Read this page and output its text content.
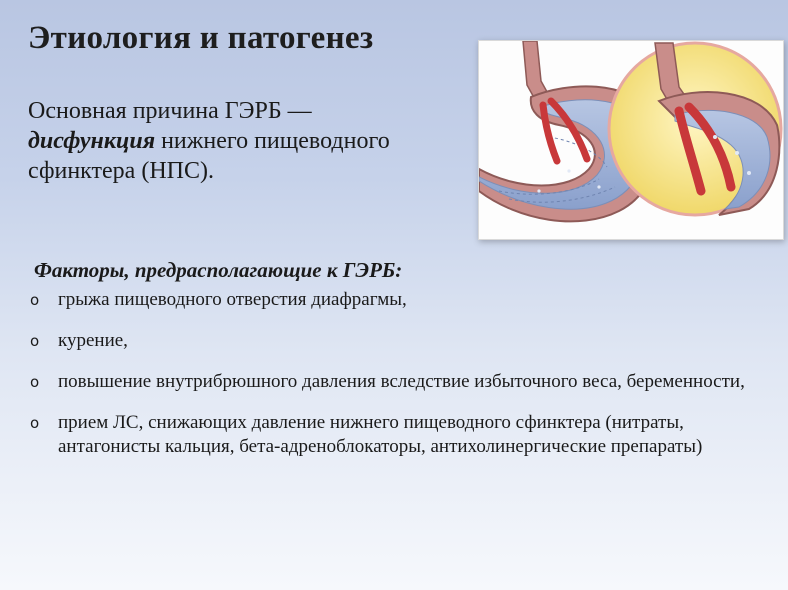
Этиология и патогенез

Основная причина ГЭРБ —
дисфункция нижнего пищеводного сфинктера (НПС).

Факторы, предрасполагающие к ГЭРБ:
o грыжа пищеводного отверстия диафрагмы,
o курение,
o повышение внутрибрюшного давления вследствие избыточного веса, беременности,
o прием ЛС, снижающих давление нижнего пищеводного сфинктера (нитраты, антагонисты кальция, бета-адреноблокаторы, антихолинергические препараты)
